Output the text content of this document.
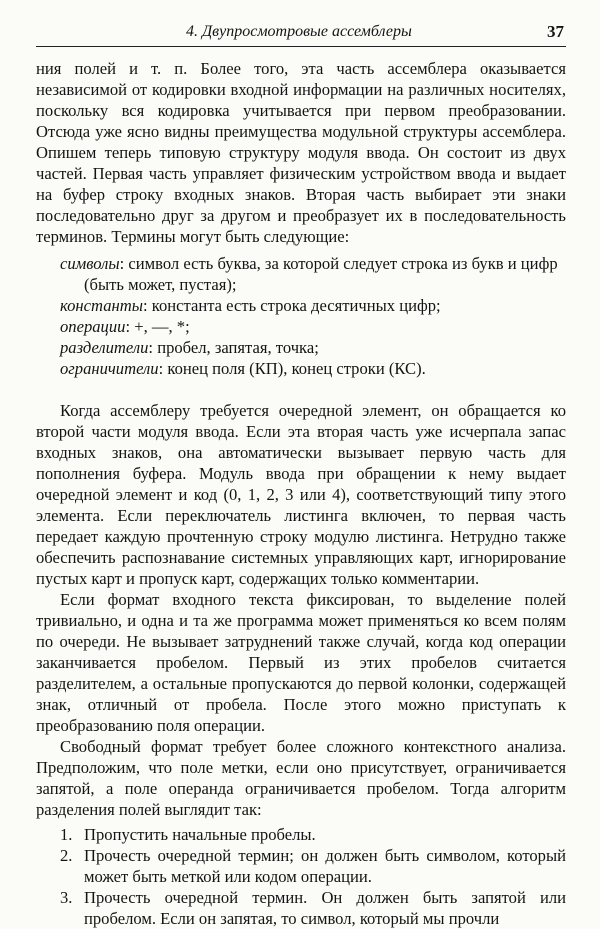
4. Двупросмотровые ассемблеры	37

ния полей и т. п. Более того, эта часть ассемблера оказывается независимой от кодировки входной информации на различных носителях, поскольку вся кодировка учитывается при первом преобразовании. Отсюда уже ясно видны преимущества модульной структуры ассемблера. Опишем теперь типовую структуру модуля ввода. Он состоит из двух частей. Первая часть управляет физическим устройством ввода и выдает на буфер строку входных знаков. Вторая часть выбирает эти знаки последовательно друг за другом и преобразует их в последовательность терминов. Термины могут быть следующие:

символы: символ есть буква, за которой следует строка из букв и цифр (быть может, пустая);
константы: константа есть строка десятичных цифр;
операции: +, —, *;
разделители: пробел, запятая, точка;
ограничители: конец поля (КП), конец строки (КС).

Когда ассемблеру требуется очередной элемент, он обращается ко второй части модуля ввода. Если эта вторая часть уже исчерпала запас входных знаков, она автоматически вызывает первую часть для пополнения буфера. Модуль ввода при обращении к нему выдает очередной элемент и код (0, 1, 2, 3 или 4), соответствующий типу этого элемента. Если переключатель листинга включен, то первая часть передает каждую прочтенную строку модулю листинга. Нетрудно также обеспечить распознавание системных управляющих карт, игнорирование пустых карт и пропуск карт, содержащих только комментарии.

Если формат входного текста фиксирован, то выделение полей тривиально, и одна и та же программа может применяться ко всем полям по очереди. Не вызывает затруднений также случай, когда код операции заканчивается пробелом. Первый из этих пробелов считается разделителем, а остальные пропускаются до первой колонки, содержащей знак, отличный от пробела. После этого можно приступать к преобразованию поля операции.

Свободный формат требует более сложного контекстного анализа. Предположим, что поле метки, если оно присутствует, ограничивается запятой, а поле операнда ограничивается пробелом. Тогда алгоритм разделения полей выглядит так:

1. Пропустить начальные пробелы.
2. Прочесть очередной термин; он должен быть символом, который может быть меткой или кодом операции.
3. Прочесть очередной термин. Он должен быть запятой или пробелом. Если он запятая, то символ, который мы прочли
